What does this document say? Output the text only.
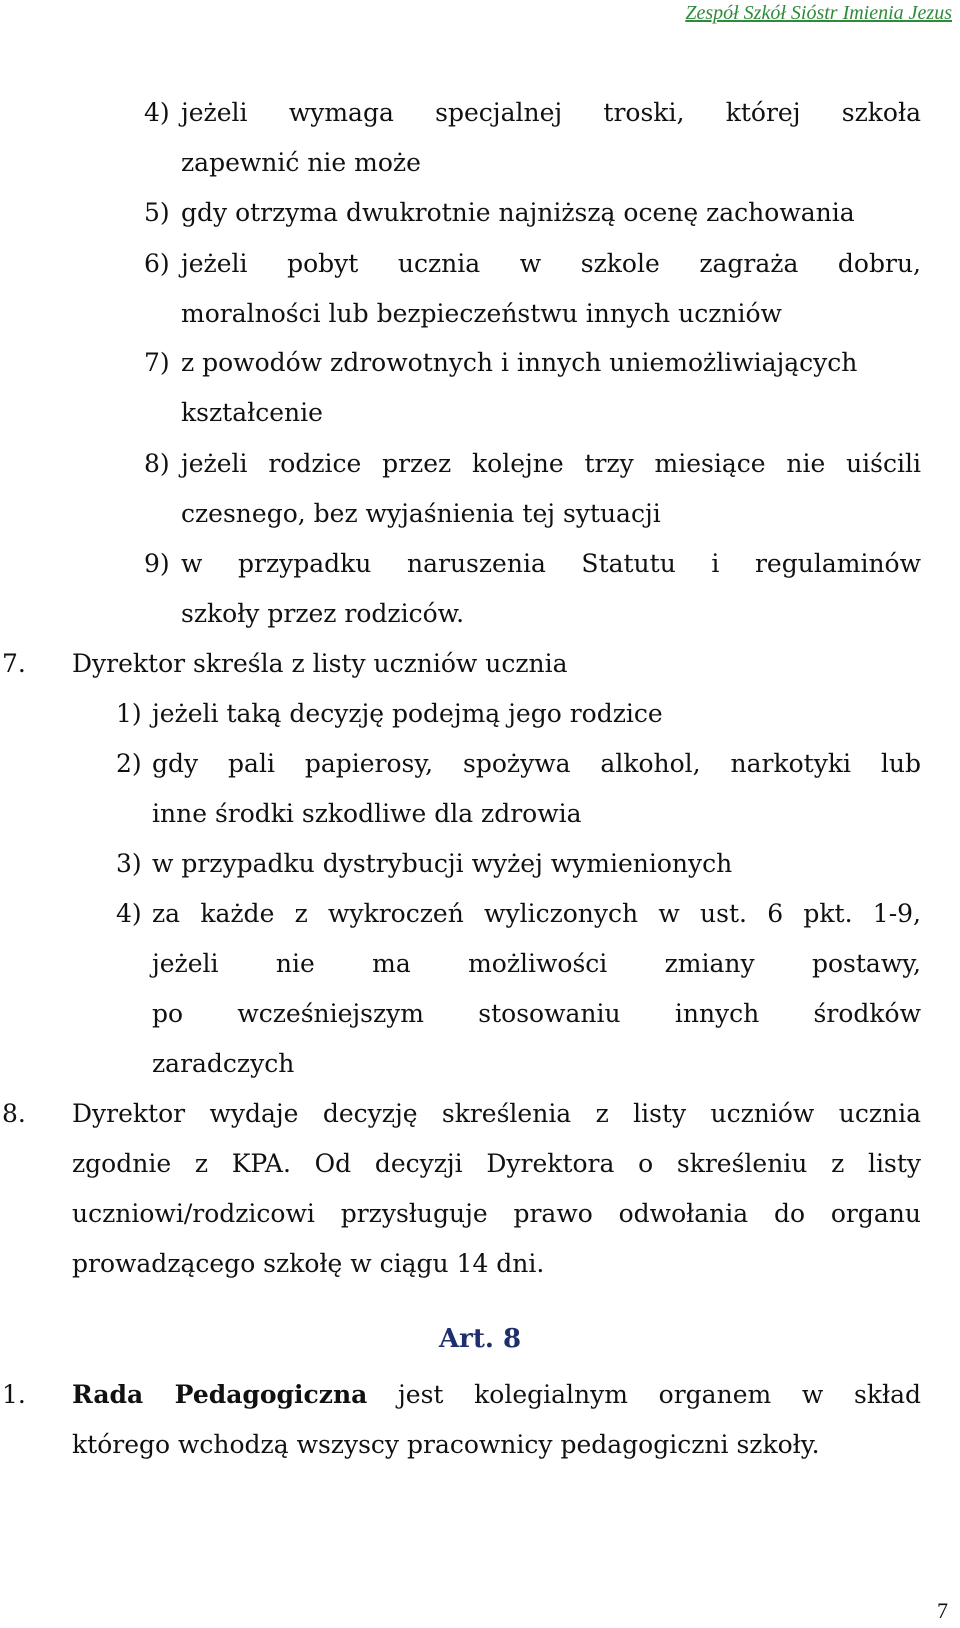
Zespół Szkół Sióstr Imienia Jezus
4) jeżeli wymaga specjalnej troski, której szkoła
zapewnić nie może
5) gdy otrzyma dwukrotnie najniższą ocenę zachowania
6) jeżeli pobyt ucznia w szkole zagraża dobru,
moralności lub bezpieczeństwu innych uczniów
7) z powodów zdrowotnych i innych uniemożliwiających
kształcenie
8) jeżeli rodzice przez kolejne trzy miesiące nie uiścili
czesnego, bez wyjaśnienia tej sytuacji
9) w przypadku naruszenia Statutu i regulaminów
szkoły przez rodziców.
7. Dyrektor skreśla z listy uczniów ucznia
1) jeżeli taką decyzję podejmą jego rodzice
2) gdy pali papierosy, spożywa alkohol, narkotyki lub
inne środki szkodliwe dla zdrowia
3) w przypadku dystrybucji wyżej wymienionych
4) za każde z wykroczeń wyliczonych w ust. 6 pkt. 1-9,
jeżeli nie ma możliwości zmiany postawy,
po wcześniejszym stosowaniu innych środków
zaradczych
8. Dyrektor wydaje decyzję skreślenia z listy uczniów ucznia
zgodnie z KPA. Od decyzji Dyrektora o skreśleniu z listy
uczniowi/rodzicowi przysługuje prawo odwołania do organu
prowadzącego szkołę w ciągu 14 dni.
Art. 8
1. Rada Pedagogiczna jest kolegialnym organem w skład
którego wchodzą wszyscy pracownicy pedagogiczni szkoły.
7
